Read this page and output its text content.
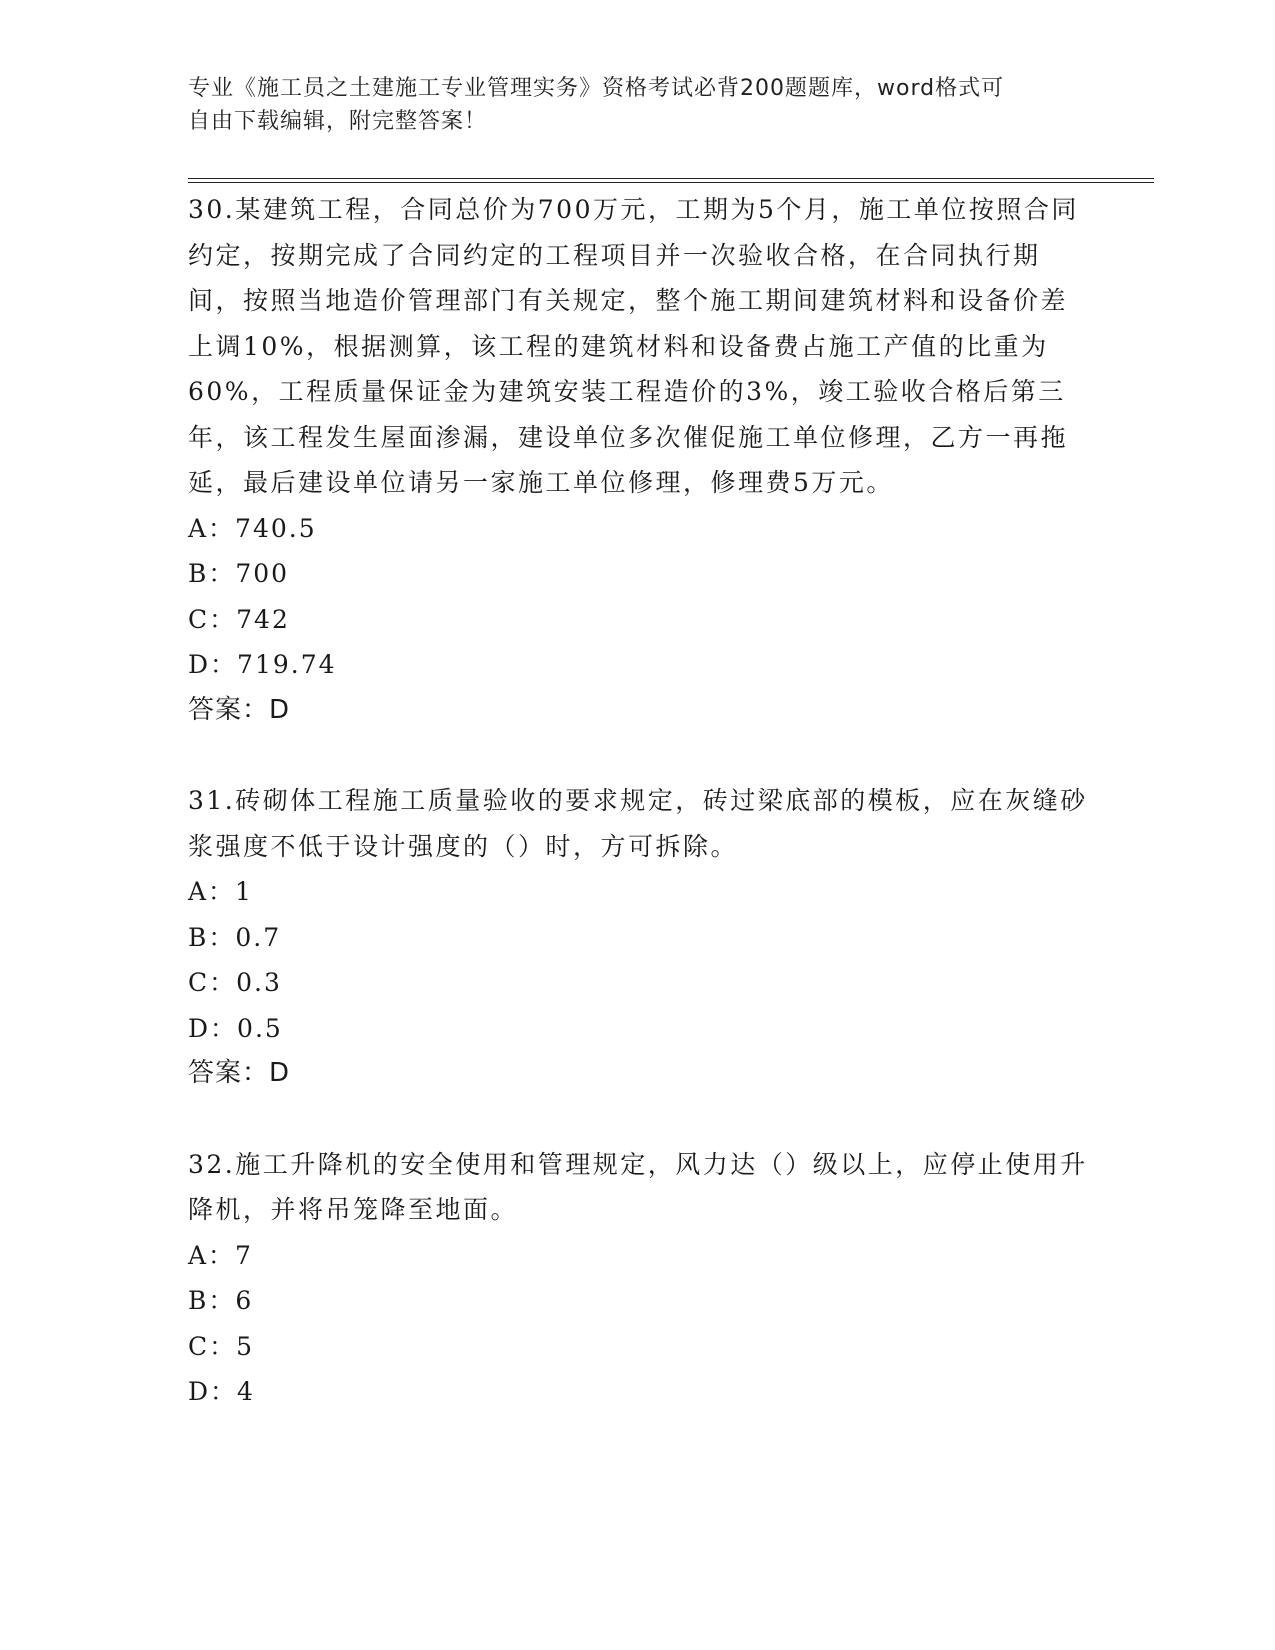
专业《施工员之土建施工专业管理实务》资格考试必背200题题库，word格式可
自由下载编辑，附完整答案！

30.某建筑工程，合同总价为700万元，工期为5个月，施工单位按照合同约定，按期完成了合同约定的工程项目并一次验收合格，在合同执行期间，按照当地造价管理部门有关规定，整个施工期间建筑材料和设备价差上调10%，根据测算，该工程的建筑材料和设备费占施工产值的比重为60%，工程质量保证金为建筑安装工程造价的3%，竣工验收合格后第三年，该工程发生屋面渗漏，建设单位多次催促施工单位修理，乙方一再拖延，最后建设单位请另一家施工单位修理，修理费5万元。

A：740.5

B：700

C：742

D：719.74

答案：D

31.砖砌体工程施工质量验收的要求规定，砖过梁底部的模板，应在灰缝砂浆强度不低于设计强度的（）时，方可拆除。

A：1

B：0.7

C：0.3

D：0.5

答案：D

32.施工升降机的安全使用和管理规定，风力达（）级以上，应停止使用升降机，并将吊笼降至地面。

A：7

B：6

C：5

D：4
